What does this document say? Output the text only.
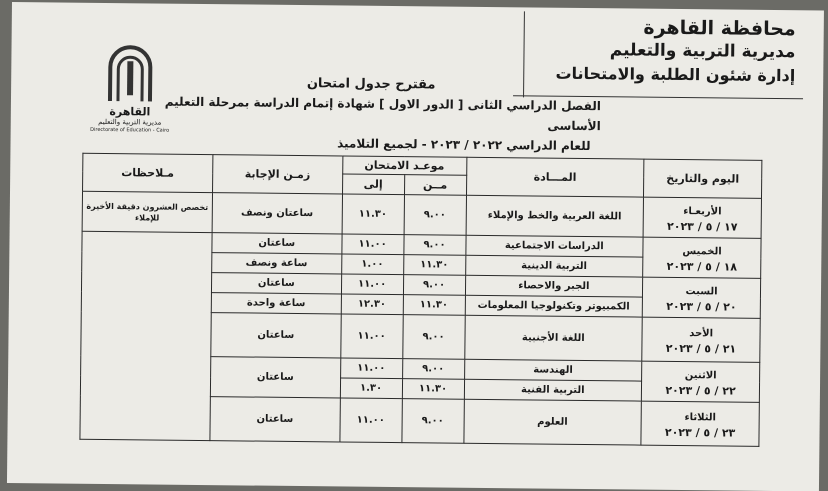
محافظة القاهرة
مديرية التربية والتعليم
إدارة شئون الطلبة والامتحانات
القاهرة
مديرية التربية والتعليم
Directorate of Education - Cairo
مقترح جدول امتحان
الفصل الدراسي الثانى [ الدور الاول ] شهادة إتمام الدراسة بمرحلة التعليم الأساسى
للعام الدراسي ٢٠٢٢ / ٢٠٢٣ - لجميع التلاميذ
اليوم والتاريخ	المـــادة	موعـد الامتحان		زمـن الإجابة	مـلاحظات
		مــن	إلى		

الأربعـاء
١٧ / ٥ / ٢٠٢٣	اللغة العربية والخط والإملاء	٩.٠٠	١١.٣٠	ساعتان ونصف	تخصص العشرون دقيقة الأخيرة للإملاء

الخميس
١٨ / ٥ / ٢٠٢٣	الدراسات الاجتماعية	٩.٠٠	١١.٠٠	ساعتان	
	التربية الدينية	١١.٣٠	١.٠٠	ساعة ونصف	

السبت
٢٠ / ٥ / ٢٠٢٣	الجبر والاحصاء	٩.٠٠	١١.٠٠	ساعتان	
	الكمبيوتر وتكنولوجيا المعلومات	١١.٣٠	١٢.٣٠	ساعة واحدة	

الأحد
٢١ / ٥ / ٢٠٢٣	اللغة الأجنبية	٩.٠٠	١١.٠٠	ساعتان	

الاثنين
٢٢ / ٥ / ٢٠٢٣	الهندسة	٩.٠٠	١١.٠٠	ساعتان	
	التربية الفنية	١١.٣٠	١.٣٠		

الثلاثاء
٢٣ / ٥ / ٢٠٢٣	العلوم	٩.٠٠	١١.٠٠	ساعتان	
